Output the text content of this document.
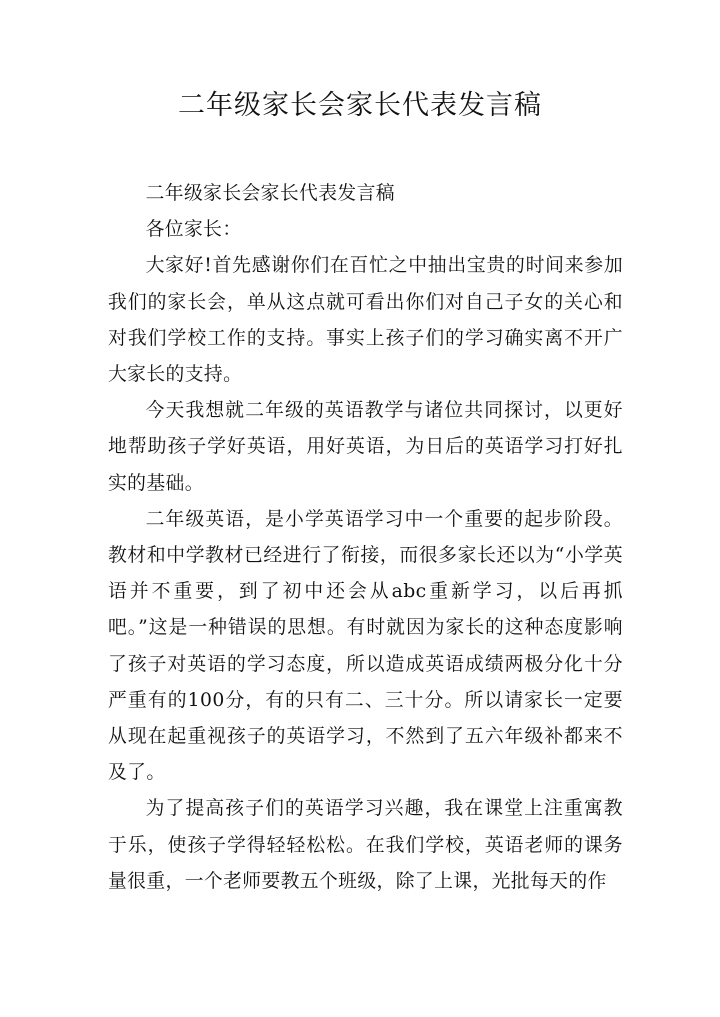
二年级家长会家长代表发言稿

二年级家长会家长代表发言稿

各位家长：

大家好!首先感谢你们在百忙之中抽出宝贵的时间来参加我们的家长会，单从这点就可看出你们对自己子女的关心和对我们学校工作的支持。事实上孩子们的学习确实离不开广大家长的支持。

今天我想就二年级的英语教学与诸位共同探讨，以更好地帮助孩子学好英语，用好英语，为日后的英语学习打好扎实的基础。

二年级英语，是小学英语学习中一个重要的起步阶段。教材和中学教材已经进行了衔接，而很多家长还以为“小学英语并不重要，到了初中还会从abc重新学习，以后再抓吧。”这是一种错误的思想。有时就因为家长的这种态度影响了孩子对英语的学习态度，所以造成英语成绩两极分化十分严重有的100分，有的只有二、三十分。所以请家长一定要从现在起重视孩子的英语学习，不然到了五六年级补都来不及了。

为了提高孩子们的英语学习兴趣，我在课堂上注重寓教于乐，使孩子学得轻轻松松。在我们学校，英语老师的课务量很重，一个老师要教五个班级，除了上课，光批每天的作
